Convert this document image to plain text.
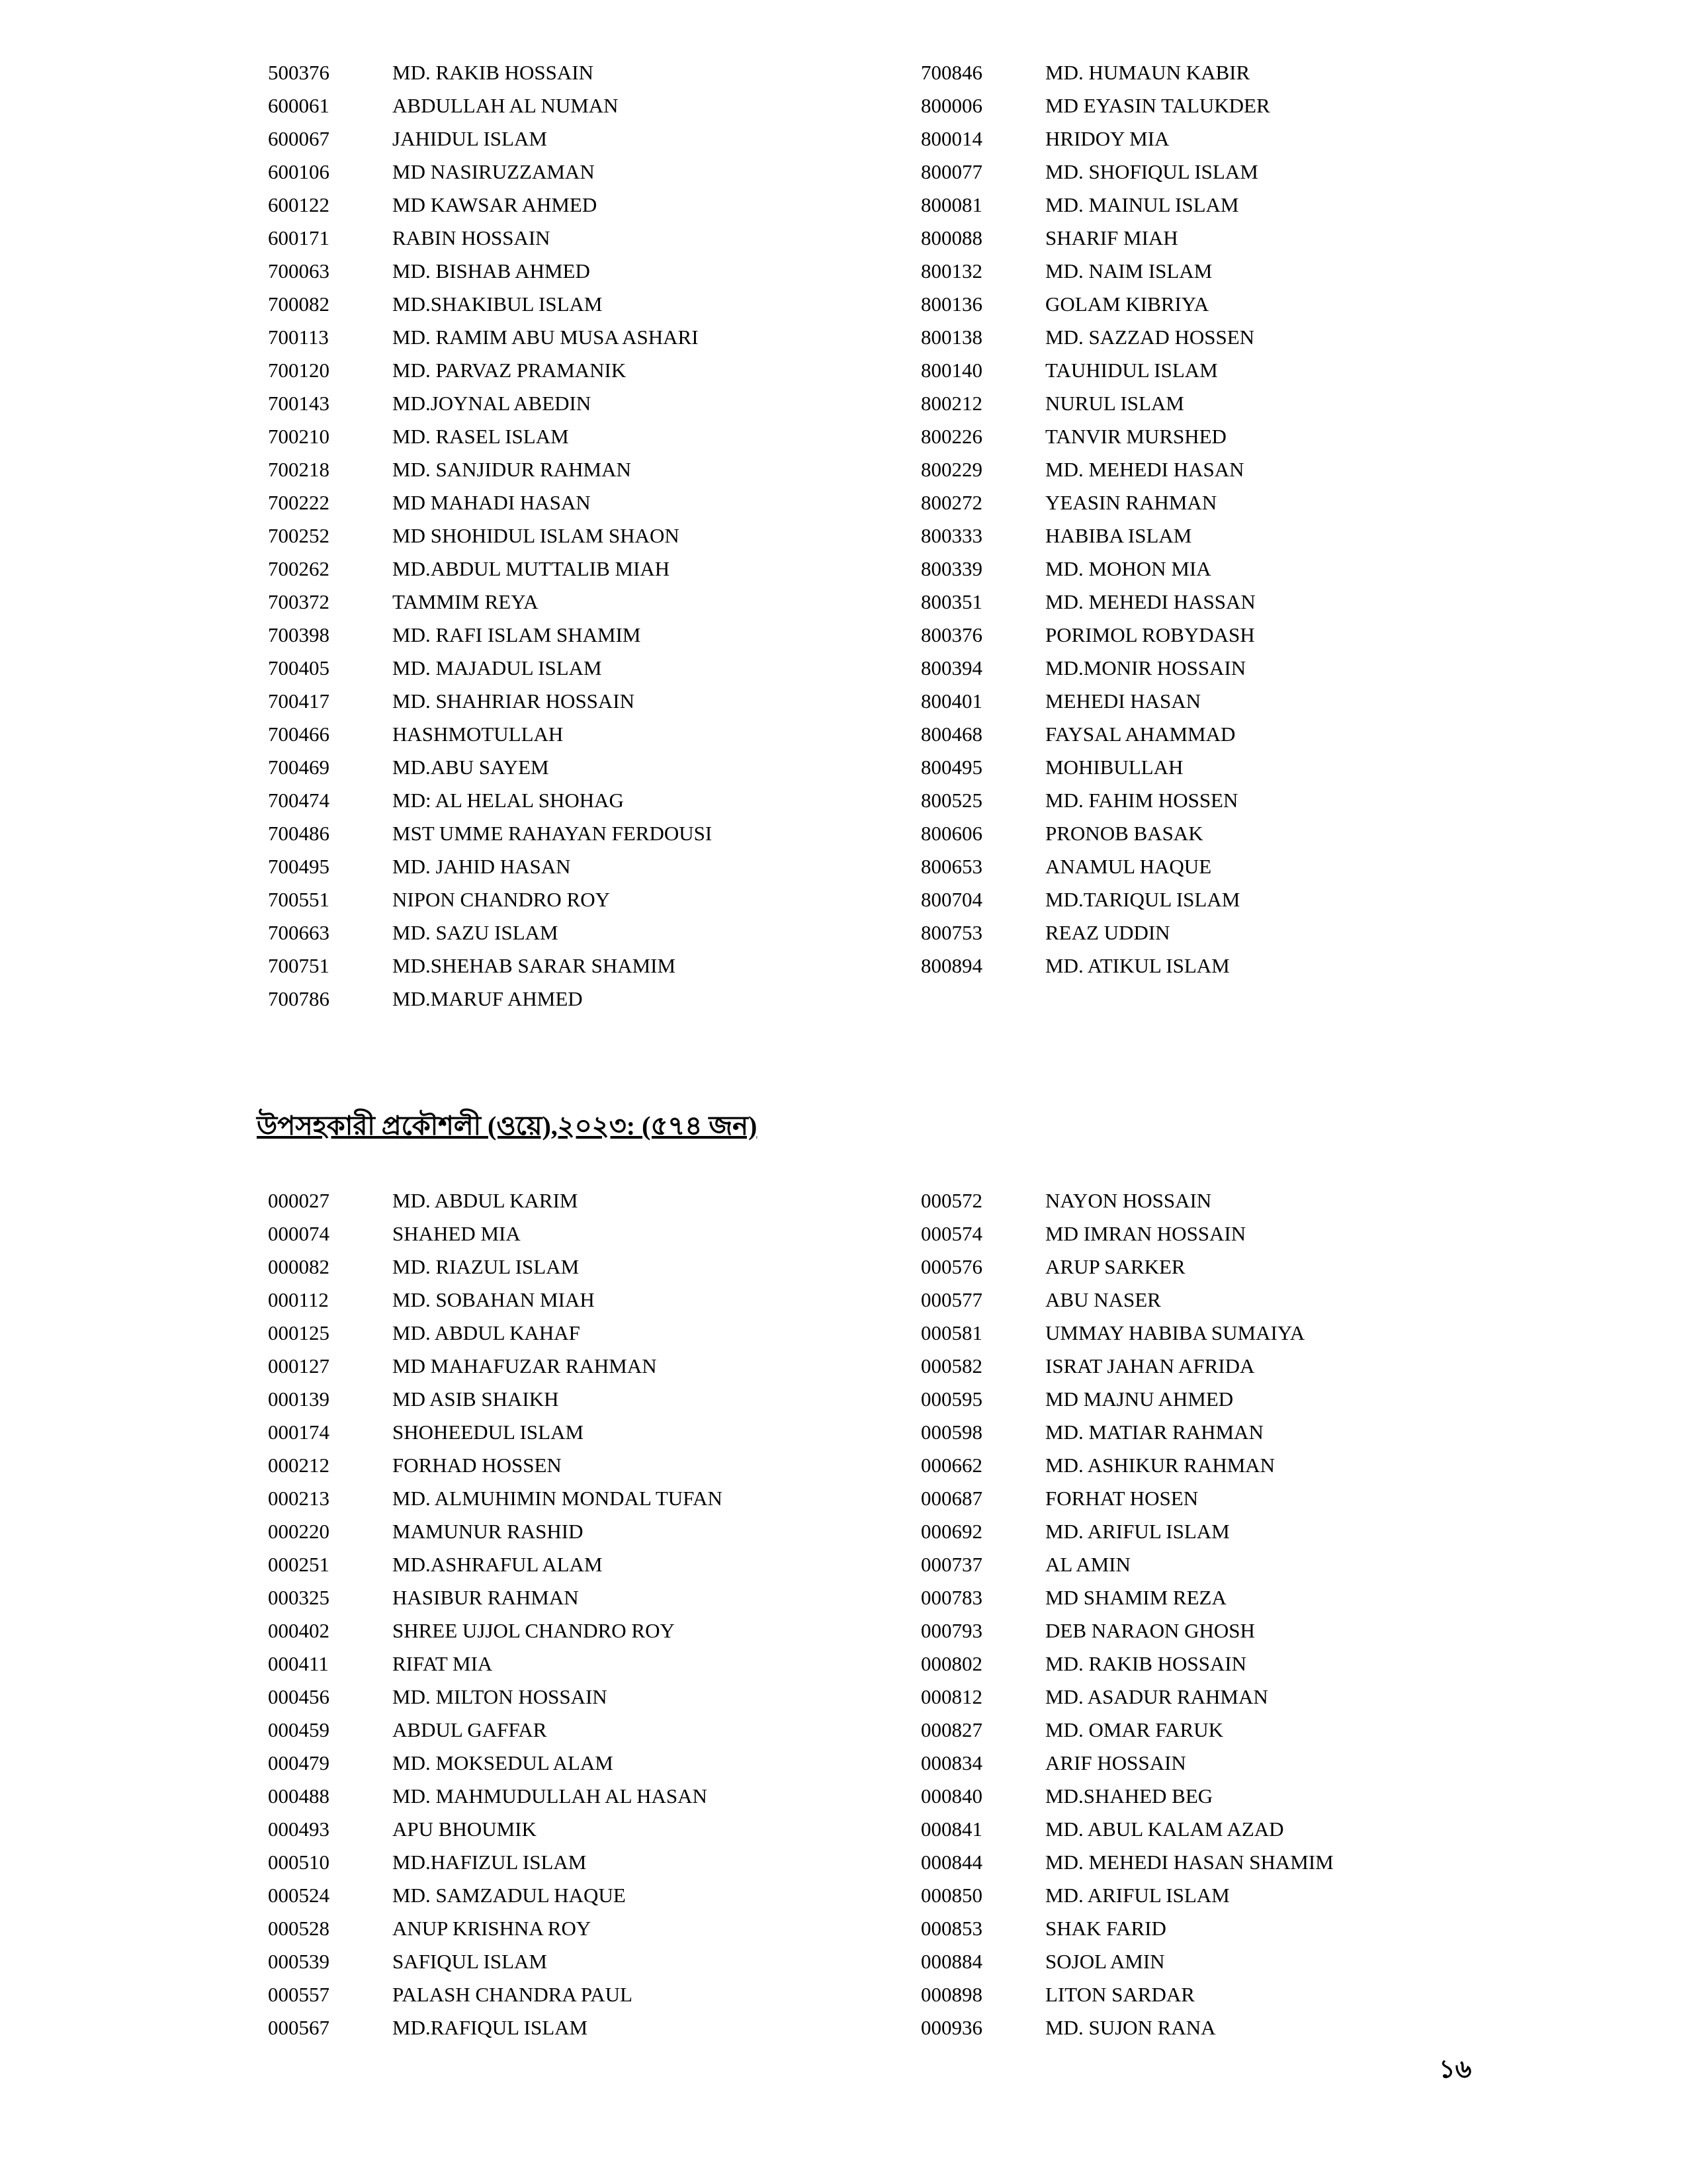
500376	MD. RAKIB HOSSAIN
600061	ABDULLAH AL NUMAN
600067	JAHIDUL ISLAM
600106	MD NASIRUZZAMAN
600122	MD KAWSAR AHMED
600171	RABIN HOSSAIN
700063	MD. BISHAB AHMED
700082	MD.SHAKIBUL ISLAM
700113	MD. RAMIM ABU MUSA ASHARI
700120	MD. PARVAZ PRAMANIK
700143	MD.JOYNAL ABEDIN
700210	MD. RASEL ISLAM
700218	MD. SANJIDUR RAHMAN
700222	MD MAHADI HASAN
700252	MD SHOHIDUL ISLAM SHAON
700262	MD.ABDUL MUTTALIB MIAH
700372	TAMMIM REYA
700398	MD. RAFI ISLAM SHAMIM
700405	MD. MAJADUL ISLAM
700417	MD. SHAHRIAR HOSSAIN
700466	HASHMOTULLAH
700469	MD.ABU SAYEM
700474	MD: AL HELAL SHOHAG
700486	MST UMME RAHAYAN FERDOUSI
700495	MD. JAHID HASAN
700551	NIPON CHANDRO ROY
700663	MD. SAZU ISLAM
700751	MD.SHEHAB SARAR SHAMIM
700786	MD.MARUF AHMED
700846	MD. HUMAUN KABIR
800006	MD EYASIN TALUKDER
800014	HRIDOY MIA
800077	MD. SHOFIQUL ISLAM
800081	MD. MAINUL ISLAM
800088	SHARIF MIAH
800132	MD. NAIM ISLAM
800136	GOLAM KIBRIYA
800138	MD. SAZZAD HOSSEN
800140	TAUHIDUL ISLAM
800212	NURUL ISLAM
800226	TANVIR MURSHED
800229	MD. MEHEDI HASAN
800272	YEASIN RAHMAN
800333	HABIBA ISLAM
800339	MD. MOHON MIA
800351	MD. MEHEDI HASSAN
800376	PORIMOL ROBYDASH
800394	MD.MONIR HOSSAIN
800401	MEHEDI HASAN
800468	FAYSAL AHAMMAD
800495	MOHIBULLAH
800525	MD. FAHIM HOSSEN
800606	PRONOB BASAK
800653	ANAMUL HAQUE
800704	MD.TARIQUL ISLAM
800753	REAZ UDDIN
800894	MD. ATIKUL ISLAM
উপসহকারী প্রকৌশলী (ওয়ে),২০২৩: (৫৭৪ জন)
000027	MD. ABDUL KARIM
000074	SHAHED MIA
000082	MD. RIAZUL ISLAM
000112	MD. SOBAHAN MIAH
000125	MD. ABDUL KAHAF
000127	MD MAHAFUZAR RAHMAN
000139	MD ASIB SHAIKH
000174	SHOHEEDUL ISLAM
000212	FORHAD HOSSEN
000213	MD. ALMUHIMIN MONDAL TUFAN
000220	MAMUNUR RASHID
000251	MD.ASHRAFUL ALAM
000325	HASIBUR RAHMAN
000402	SHREE UJJOL CHANDRO ROY
000411	RIFAT MIA
000456	MD. MILTON HOSSAIN
000459	ABDUL GAFFAR
000479	MD. MOKSEDUL ALAM
000488	MD. MAHMUDULLAH AL HASAN
000493	APU BHOUMIK
000510	MD.HAFIZUL ISLAM
000524	MD. SAMZADUL HAQUE
000528	ANUP KRISHNA ROY
000539	SAFIQUL ISLAM
000557	PALASH CHANDRA PAUL
000567	MD.RAFIQUL ISLAM
000572	NAYON HOSSAIN
000574	MD IMRAN HOSSAIN
000576	ARUP SARKER
000577	ABU NASER
000581	UMMAY HABIBA SUMAIYA
000582	ISRAT JAHAN AFRIDA
000595	MD MAJNU AHMED
000598	MD. MATIAR RAHMAN
000662	MD. ASHIKUR RAHMAN
000687	FORHAT HOSEN
000692	MD. ARIFUL ISLAM
000737	AL AMIN
000783	MD SHAMIM REZA
000793	DEB NARAON GHOSH
000802	MD. RAKIB HOSSAIN
000812	MD. ASADUR RAHMAN
000827	MD. OMAR FARUK
000834	ARIF HOSSAIN
000840	MD.SHAHED BEG
000841	MD. ABUL KALAM AZAD
000844	MD. MEHEDI HASAN SHAMIM
000850	MD. ARIFUL ISLAM
000853	SHAK FARID
000884	SOJOL AMIN
000898	LITON SARDAR
000936	MD. SUJON RANA
১৬
